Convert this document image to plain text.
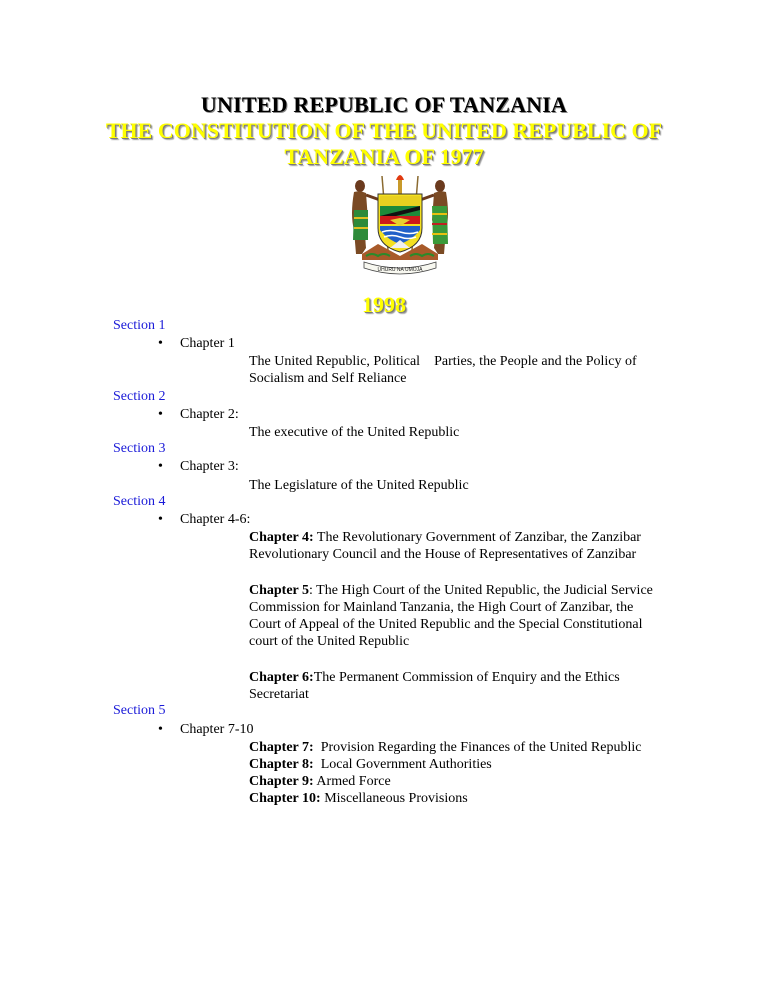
UNITED REPUBLIC OF TANZANIA
THE CONSTITUTION OF THE UNITED REPUBLIC OF
TANZANIA OF 1977
UHURU NA UMOJA
1998
Section 1
• Chapter 1
The United Republic, Political    Parties, the People and the Policy of
Socialism and Self Reliance
Section 2
• Chapter 2:
The executive of the United Republic
Section 3
• Chapter 3:
The Legislature of the United Republic
Section 4
• Chapter 4-6:
Chapter 4: The Revolutionary Government of Zanzibar, the Zanzibar
Revolutionary Council and the House of Representatives of Zanzibar
Chapter 5: The High Court of the United Republic, the Judicial Service
Commission for Mainland Tanzania, the High Court of Zanzibar, the
Court of Appeal of the United Republic and the Special Constitutional
court of the United Republic
Chapter 6:The Permanent Commission of Enquiry and the Ethics
Secretariat
Section 5
• Chapter 7-10
Chapter 7:  Provision Regarding the Finances of the United Republic
Chapter 8:  Local Government Authorities
Chapter 9: Armed Force
Chapter 10: Miscellaneous Provisions
